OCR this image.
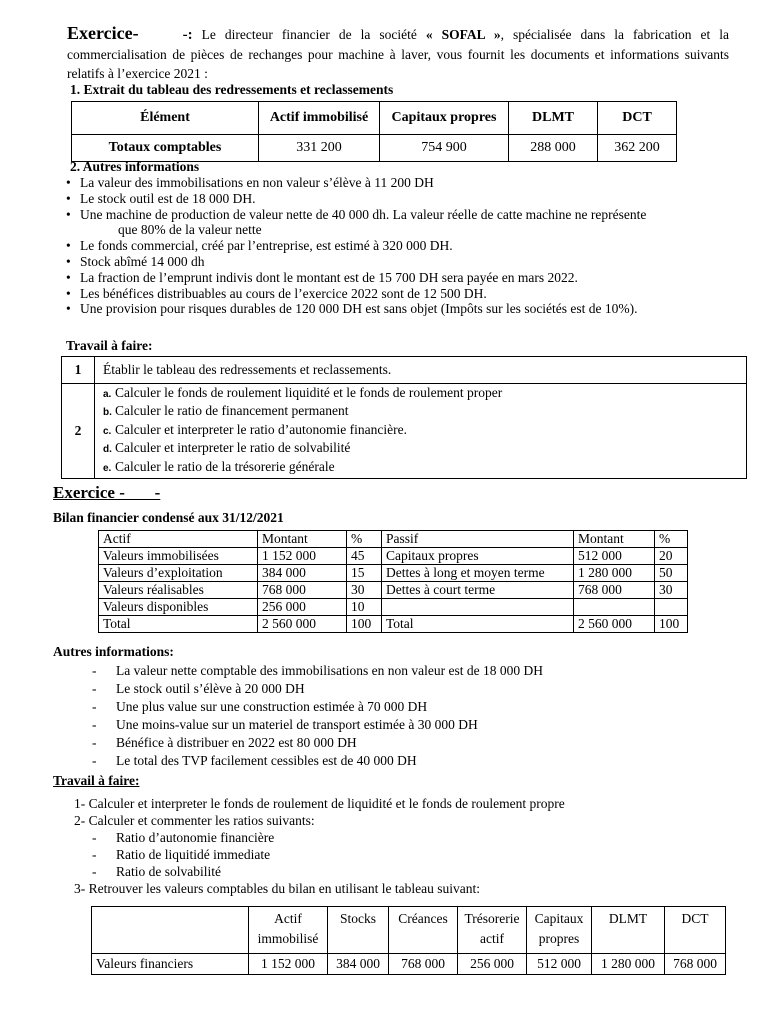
Exercice-	-: Le directeur financier de la société « SOFAL », spécialisée dans la fabrication et la commercialisation de pièces de rechanges pour machine à laver, vous fournit les documents et informations suivants relatifs à l’exercice 2021 :
1. Extrait du tableau des redressements et reclassements
Élément	Actif immobilisé	Capitaux propres	DLMT	DCT
Totaux comptables	331 200	754 900	288 000	362 200
2. Autres informations
• La valeur des immobilisations en non valeur s’élève à 11 200 DH
• Le stock outil est de 18 000 DH.
• Une machine de production de valeur nette de 40 000 dh. La valeur réelle de catte machine ne représente
que 80% de la valeur nette
• Le fonds commercial, créé par l’entreprise, est estimé à 320 000 DH.
• Stock abîmé 14 000 dh
• La fraction de l’emprunt indivis dont le montant est de 15 700 DH sera payée en mars 2022.
• Les bénéfices distribuables au cours de l’exercice 2022 sont de 12 500 DH.
• Une provision pour risques durables de 120 000 DH est sans objet (Impôts sur les sociétés est de 10%).
Travail à faire:
1	Établir le tableau des redressements et reclassements.
2	a. Calculer le fonds de roulement liquidité et le fonds de roulement proper
b. Calculer le ratio de financement permanent
c. Calculer et interpreter le ratio d’autonomie financière.
d. Calculer et interpreter le ratio de solvabilité
e. Calculer le ratio de la trésorerie générale
Exercice -       -
Bilan financier condensé aux 31/12/2021
Actif	Montant	%	Passif	Montant	%
Valeurs immobilisées	1 152 000	45	Capitaux propres	512 000	20
Valeurs d’exploitation	384 000	15	Dettes à long et moyen terme	1 280 000	50
Valeurs réalisables	768 000	30	Dettes à court terme	768 000	30
Valeurs disponibles	256 000	10			
Total	2 560 000	100	Total	2 560 000	100
Autres informations:
- La valeur nette comptable des immobilisations en non valeur est de 18 000 DH
- Le stock outil s’élève à 20 000 DH
- Une plus value sur une construction estimée à 70 000 DH
- Une moins-value sur un materiel de transport estimée à 30 000 DH
- Bénéfice à distribuer en 2022 est 80 000 DH
- Le total des TVP facilement cessibles est de 40 000 DH
Travail à faire:
1- Calculer et interpreter le fonds de roulement de liquidité et le fonds de roulement propre
2- Calculer et commenter les ratios suivants:
- Ratio d’autonomie financière
- Ratio de liquitidé immediate
- Ratio de solvabilité
3- Retrouver les valeurs comptables du bilan en utilisant le tableau suivant:
	Actif immobilisé	Stocks	Créances	Trésorerie actif	Capitaux propres	DLMT	DCT
Valeurs financiers	1 152 000	384 000	768 000	256 000	512 000	1 280 000	768 000
